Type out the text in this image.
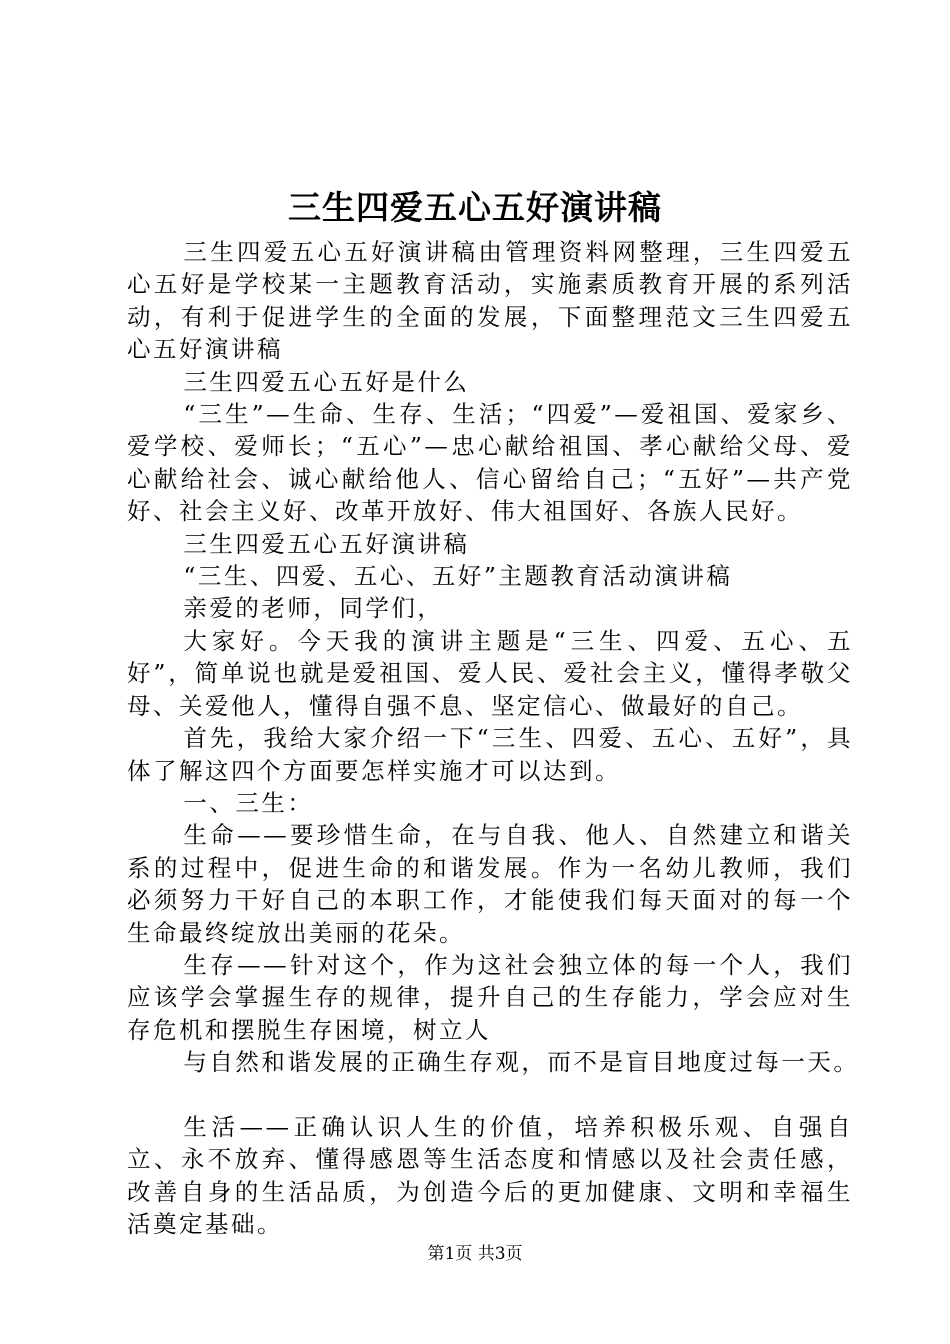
三生四爱五心五好演讲稿

三生四爱五心五好演讲稿由管理资料网整理，三生四爱五心五好是学校某一主题教育活动，实施素质教育开展的系列活动，有利于促进学生的全面的发展，下面整理范文三生四爱五心五好演讲稿

三生四爱五心五好是什么

“三生”—生命、生存、生活；“四爱”—爱祖国、爱家乡、爱学校、爱师长；“五心”—忠心献给祖国、孝心献给父母、爱心献给社会、诚心献给他人、信心留给自己；“五好”—共产党好、社会主义好、改革开放好、伟大祖国好、各族人民好。

三生四爱五心五好演讲稿

“三生、四爱、五心、五好”主题教育活动演讲稿

亲爱的老师，同学们，

大家好。今天我的演讲主题是“三生、四爱、五心、五好”，简单说也就是爱祖国、爱人民、爱社会主义，懂得孝敬父母、关爱他人，懂得自强不息、坚定信心、做最好的自己。

首先，我给大家介绍一下“三生、四爱、五心、五好”，具体了解这四个方面要怎样实施才可以达到。

一、三生：

生命——要珍惜生命，在与自我、他人、自然建立和谐关系的过程中，促进生命的和谐发展。作为一名幼儿教师，我们必须努力干好自己的本职工作，才能使我们每天面对的每一个生命最终绽放出美丽的花朵。

生存——针对这个，作为这社会独立体的每一个人，我们应该学会掌握生存的规律，提升自己的生存能力，学会应对生存危机和摆脱生存困境，树立人

与自然和谐发展的正确生存观，而不是盲目地度过每一天。

生活——正确认识人生的价值，培养积极乐观、自强自立、永不放弃、懂得感恩等生活态度和情感以及社会责任感，改善自身的生活品质，为创造今后的更加健康、文明和幸福生活奠定基础。

第1页 共3页
